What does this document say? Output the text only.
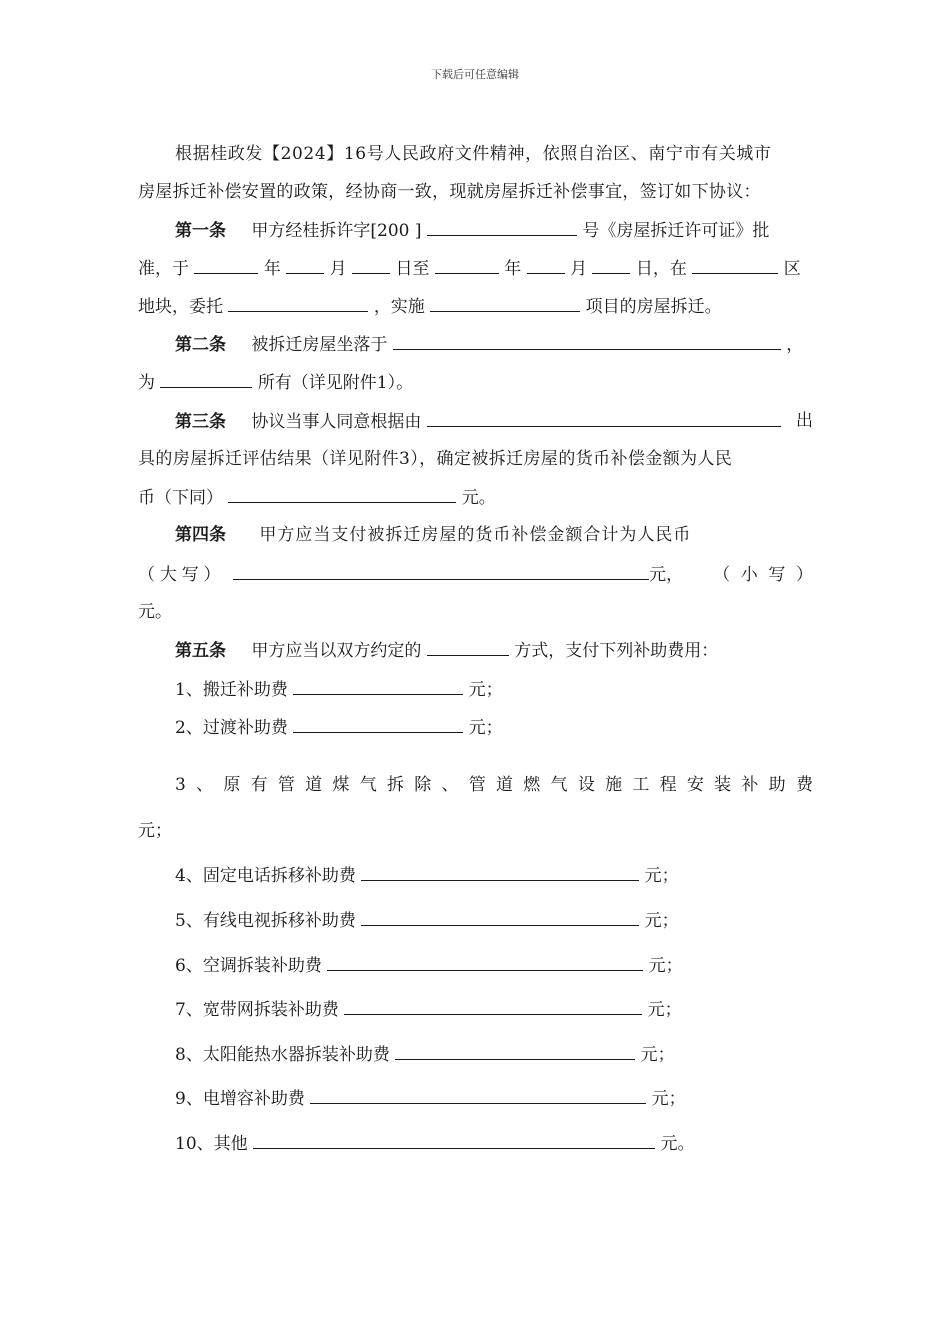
下载后可任意编辑
根据桂政发【2024】16号人民政府文件精神，依照自治区、南宁市有关城市
房屋拆迁补偿安置的政策，经协商一致，现就房屋拆迁补偿事宜，签订如下协议：
第一条 甲方经桂拆许字[200 ]	号《房屋拆迁许可证》批
准，于	年	月	日至	年	月	日，在	区
地块，委托	，实施	项目的房屋拆迁。
第二条 被拆迁房屋坐落于	，
为	所有（详见附件1）。
第三条 协议当事人同意根据由	出
具的房屋拆迁评估结果（详见附件3），确定被拆迁房屋的货币补偿金额为人民
币（下同）	元。
第四条 甲方应当支付被拆迁房屋的货币补偿金额合计为人民币
（ 大 写 ）	元， （ 小 写 ）
元。
第五条 甲方应当以双方约定的	方式，支付下列补助费用：
1、搬迁补助费	元；
2、过渡补助费	元；
3 、 原 有 管 道 煤 气 拆 除 、 管 道 燃 气 设 施 工 程 安 装 补 助 费
元；
4、固定电话拆移补助费	元；
5、有线电视拆移补助费	元；
6、空调拆装补助费	元；
7、宽带网拆装补助费	元；
8、太阳能热水器拆装补助费	元；
9、电增容补助费	元；
10、其他	元。
